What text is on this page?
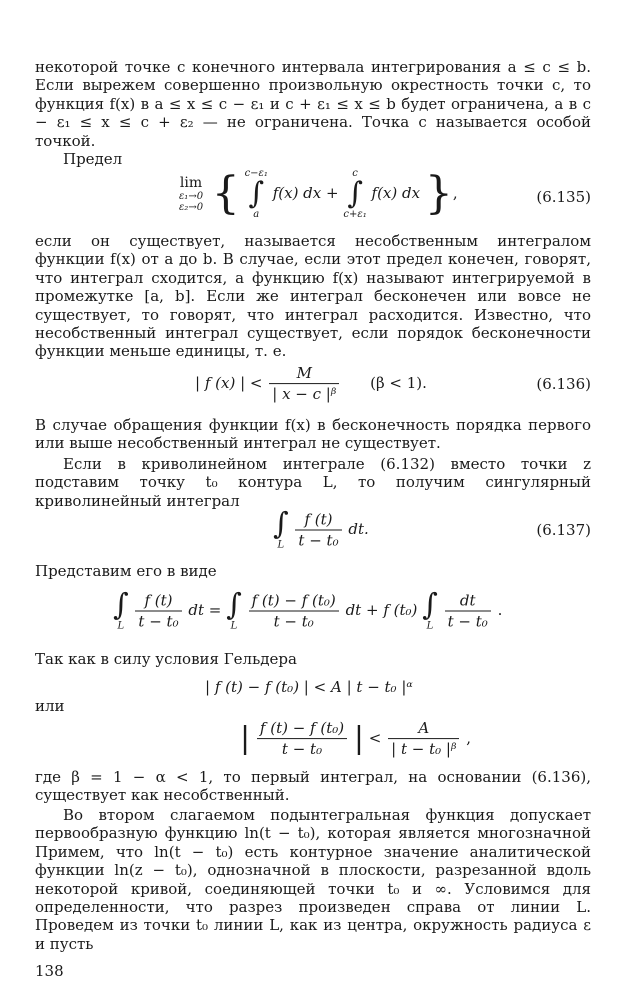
некоторой точке c конечного интервала интегрирования a ≤ c ≤ b. Если вырежем совершенно произвольную окрестность точки c, то функция f(x) в a ≤ x ≤ c − ε₁ и c + ε₁ ≤ x ≤ b будет ограничена, а в c − ε₁ ≤ x ≤ c + ε₂ — не ограничена. Точка c называется особой точкой.

Предел

lim
ε₁→0
ε₂→0 { c−ε₁
∫
a f(x) dx + c
∫
c+ε₁ f(x) dx },	(6.135)

если он существует, называется несобственным интегралом функции f(x) от a до b. В случае, если этот предел конечен, говорят, что интеграл сходится, а функцию f(x) называют интегрируемой в промежутке [a, b]. Если же интеграл бесконечен или вовсе не существует, то говорят, что интеграл расходится. Известно, что несобственный интеграл существует, если порядок бесконечности функции меньше единицы, т. е.

| f (x) | < $\frac{M}{\text{| x − c |ᵝ}} (\beta < 1)$.	(6.136)

В случае обращения функции f(x) в бесконечность порядка первого или выше несобственный интеграл не существует.

Если в криволинейном интеграле (6.132) вместо точки z подставим точку t₀ контура L, то получим сингулярный криволинейный интеграл

∫
L $\frac{f (t)}{\text{t − t₀}}$ dt.	(6.137)

Представим его в виде

∫
L $\frac{f (t)}{\text{t − t₀}}$ dt = ∫
L $\frac{\text{f (t) − f (t₀)}}{\text{t − t₀}}$ dt + f (t₀) ∫
L $\frac{dt}{\text{t − t₀}}$ .

Так как в силу условия Гельдера

| f (t) − f (t₀) | < A | t − t₀ |ᵅ

или

| $\frac{\text{f (t) − f (t₀)}}{\text{t − t₀}}$ | < $\frac{A}{\text{| t − t₀ |ᵝ}}$ ,

где β = 1 − α < 1, то первый интеграл, на основании (6.136), существует как несобственный.

Во втором слагаемом подынтегральная функция допускает первообразную функцию ln(t − t₀), которая является многозначной Примем, что ln(t − t₀) есть контурное значение аналитической функции ln(z − t₀), однозначной в плоскости, разрезанной вдоль некоторой кривой, соединяющей точки t₀ и ∞. Условимся для определенности, что разрез произведен справа от линии L. Проведем из точки t₀ линии L, как из центра, окружность радиуса ε и пусть

138
